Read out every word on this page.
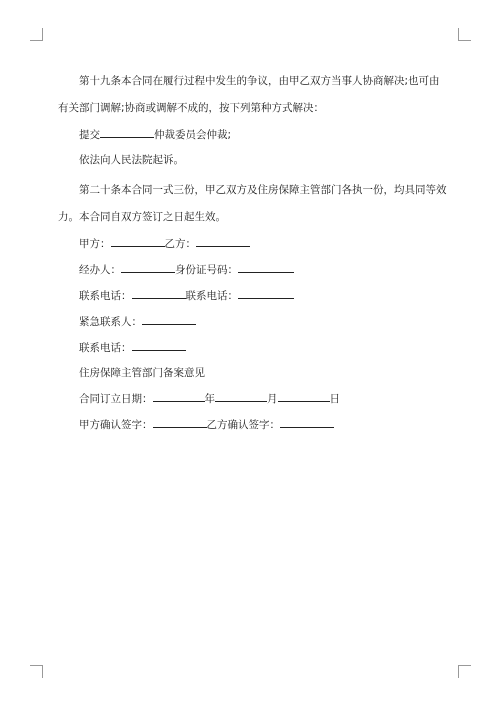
第十九条本合同在履行过程中发生的争议，由甲乙双方当事人协商解决;也可由有关部门调解;协商或调解不成的，按下列第种方式解决：

提交	仲裁委员会仲裁;

依法向人民法院起诉。

第二十条本合同一式三份，甲乙双方及住房保障主管部门各执一份，均具同等效力。本合同自双方签订之日起生效。

甲方：	乙方：

经办人：	身份证号码：

联系电话：	联系电话：

紧急联系人：

联系电话：

住房保障主管部门备案意见

合同订立日期：	年	月	日

甲方确认签字：	乙方确认签字：
